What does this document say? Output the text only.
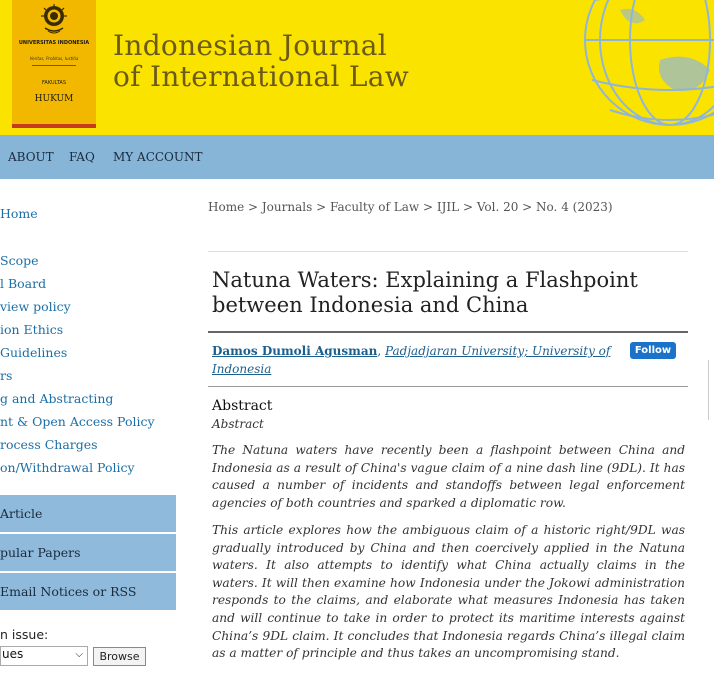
UNIVERSITAS INDONESIA
Veritas, Probitas, Iustitia
FAKULTAS
HUKUM
Indonesian Journal
of International Law
ABOUT FAQ MY ACCOUNT
Home
Scope
l Board
view policy
ion Ethics
Guidelines
rs
g and Abstracting
nt & Open Access Policy
rocess Charges
on/Withdrawal Policy
Article
pular Papers
Email Notices or RSS
n issue:
ues	⌵	Browse
Home > Journals > Faculty of Law > IJIL > Vol. 20 > No. 4 (2023)
Natuna Waters: Explaining a Flashpoint between Indonesia and China
Damos Dumoli Agusman, Padjadjaran University; University of Indonesia
Follow
Abstract
Abstract

The Natuna waters have recently been a flashpoint between China and Indonesia as a result of China's vague claim of a nine dash line (9DL). It has caused a number of incidents and standoffs between legal enforcement agencies of both countries and sparked a diplomatic row.

This article explores how the ambiguous claim of a historic right/9DL was gradually introduced by China and then coercively applied in the Natuna waters. It also attempts to identify what China actually claims in the waters. It will then examine how Indonesia under the Jokowi administration responds to the claims, and elaborate what measures Indonesia has taken and will continue to take in order to protect its maritime interests against China’s 9DL claim. It concludes that Indonesia regards China’s illegal claim as a matter of principle and thus takes an uncompromising stand.
